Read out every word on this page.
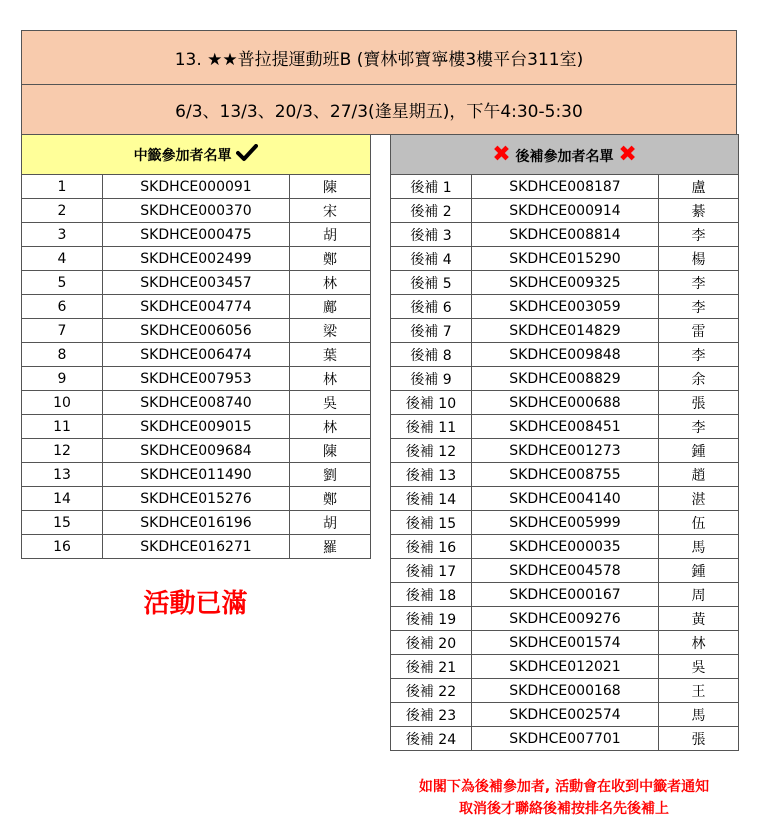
13. ★★普拉提運動班B (寶林邨寶寧樓3樓平台311室)
6/3、13/3、20/3、27/3(逢星期五)，下午4:30-5:30
中籤參加者名單		
1	SKDHCE000091	陳
2	SKDHCE000370	宋
3	SKDHCE000475	胡
4	SKDHCE002499	鄭
5	SKDHCE003457	林
6	SKDHCE004774	鄺
7	SKDHCE006056	梁
8	SKDHCE006474	葉
9	SKDHCE007953	林
10	SKDHCE008740	吳
11	SKDHCE009015	林
12	SKDHCE009684	陳
13	SKDHCE011490	劉
14	SKDHCE015276	鄭
15	SKDHCE016196	胡
16	SKDHCE016271	羅
活動已滿
✖ 後補參加者名單 ✖		
後補 1	SKDHCE008187	盧
後補 2	SKDHCE000914	綦
後補 3	SKDHCE008814	李
後補 4	SKDHCE015290	楊
後補 5	SKDHCE009325	李
後補 6	SKDHCE003059	李
後補 7	SKDHCE014829	雷
後補 8	SKDHCE009848	李
後補 9	SKDHCE008829	余
後補 10	SKDHCE000688	張
後補 11	SKDHCE008451	李
後補 12	SKDHCE001273	鍾
後補 13	SKDHCE008755	趙
後補 14	SKDHCE004140	湛
後補 15	SKDHCE005999	伍
後補 16	SKDHCE000035	馬
後補 17	SKDHCE004578	鍾
後補 18	SKDHCE000167	周
後補 19	SKDHCE009276	黃
後補 20	SKDHCE001574	林
後補 21	SKDHCE012021	吳
後補 22	SKDHCE000168	王
後補 23	SKDHCE002574	馬
後補 24	SKDHCE007701	張
如閣下為後補參加者, 活動會在收到中籤者通知
取消後才聯絡後補按排名先後補上
